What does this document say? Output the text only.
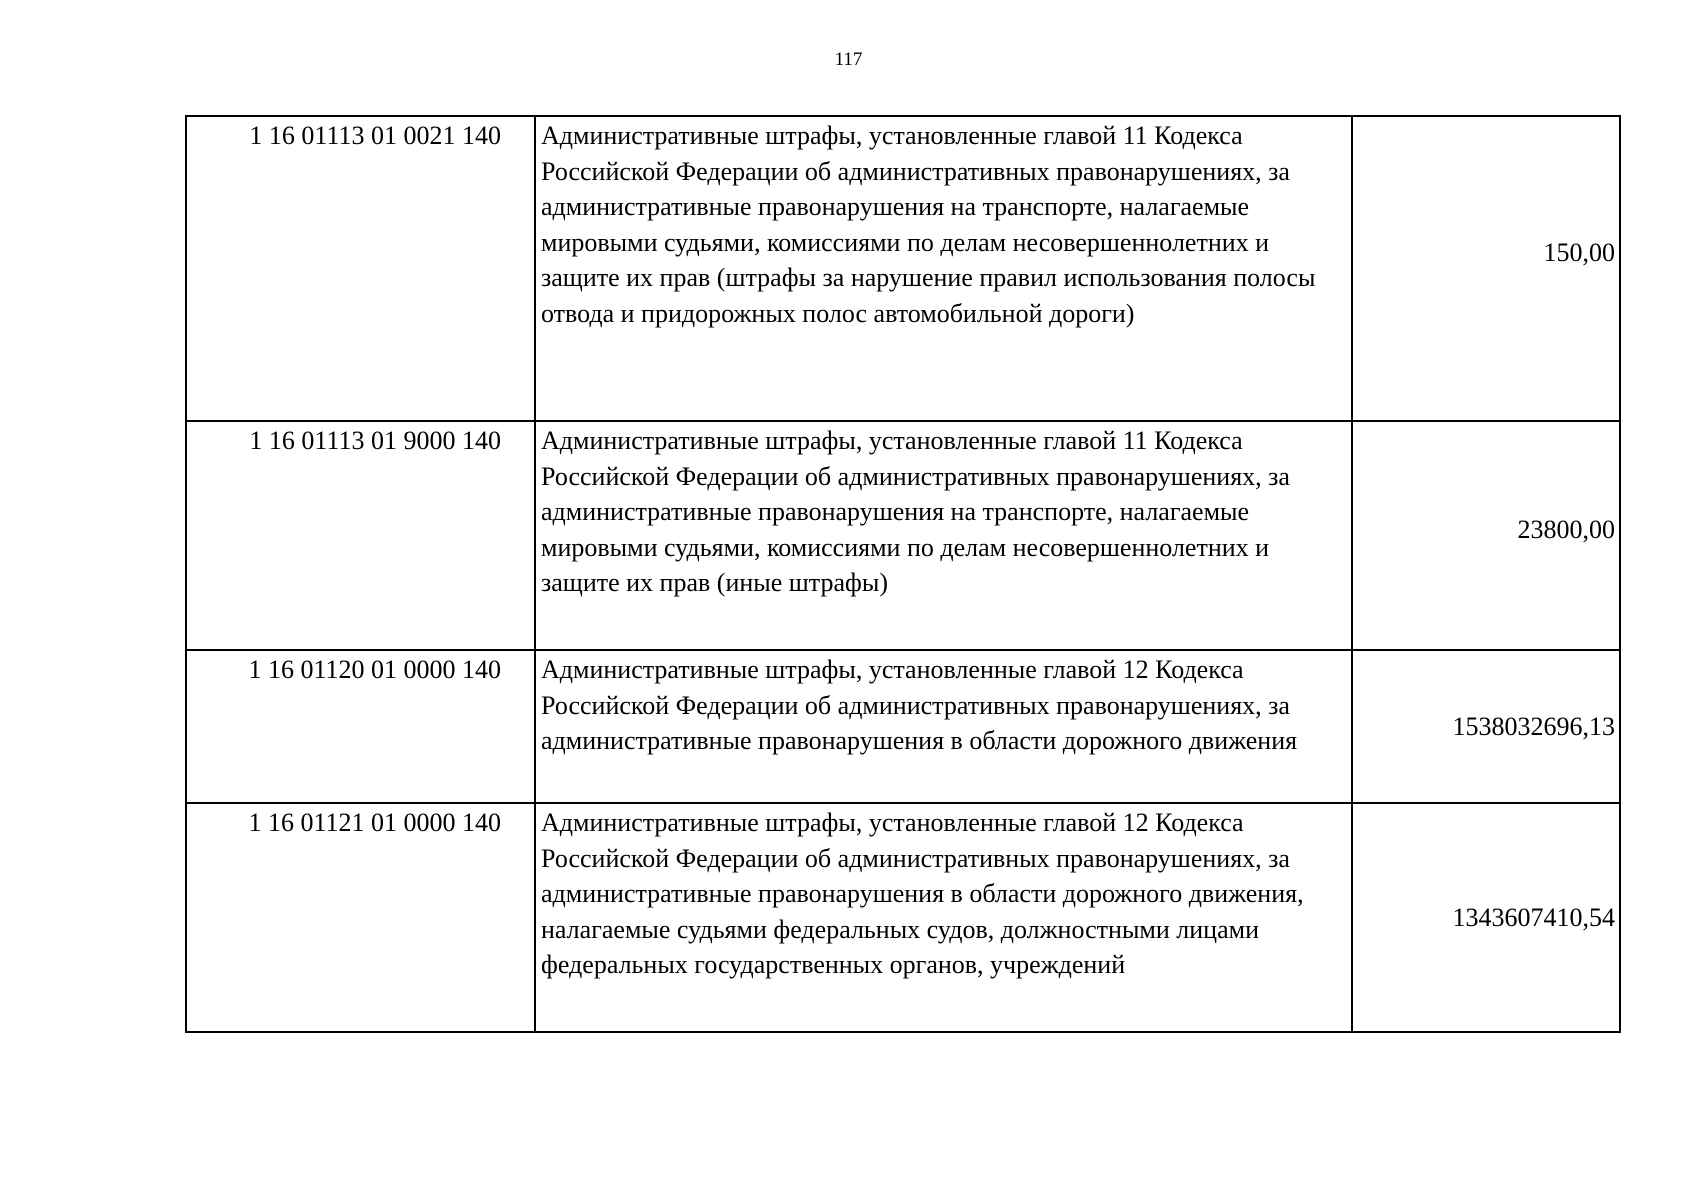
117
1 16 01113 01 0021 140	Административные штрафы, установленные главой 11 Кодекса Российской Федерации об административных правонарушениях, за административные правонарушения на транспорте, налагаемые мировыми судьями, комиссиями по делам несовершеннолетних и защите их прав (штрафы за нарушение правил использования полосы отвода и придорожных полос автомобильной дороги)	150,00
1 16 01113 01 9000 140	Административные штрафы, установленные главой 11 Кодекса Российской Федерации об административных правонарушениях, за административные правонарушения на транспорте, налагаемые мировыми судьями, комиссиями по делам несовершеннолетних и защите их прав (иные штрафы)	23800,00
1 16 01120 01 0000 140	Административные штрафы, установленные главой 12 Кодекса Российской Федерации об административных правонарушениях, за административные правонарушения в области дорожного движения	1538032696,13
1 16 01121 01 0000 140	Административные штрафы, установленные главой 12 Кодекса Российской Федерации об административных правонарушениях, за административные правонарушения в области дорожного движения, налагаемые судьями федеральных судов, должностными лицами федеральных государственных органов, учреждений	1343607410,54
